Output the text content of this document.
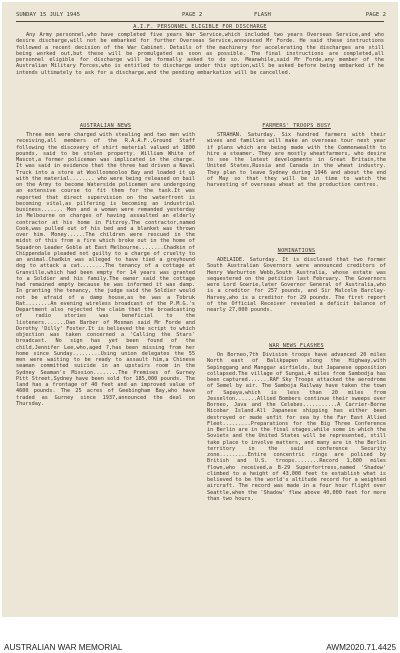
SUNDAY 15 JULY 1945	PAGE 2	FLASH	PAGE 2
A.I.F. PERSONNEL ELIGIBLE FOR DISCHARGE
Any Army personnel,who have completed five years War Service,which included two years Overseas Service,and who desire discharge,will not be embarked for further Overseas Service,announced Mr Forde. He said these instructions followed a recent decision of the War Cabinet. Details of the machinery for accelerating the discharges are still being worked out,but these will be promulgated as soon as possible. The final instructions are completed,all personnel eligible for discharge will be formally asked to do so. Meanwhile,said Mr Forde,any member of the Australian Military Forces,who is entitled to discharge under this option,will be asked before being embarked if he intends ultimately to ask for a discharge,and the pending embarkation will be cancelled.
AUSTRALIAN NEWS
Three men were charged with stealing and two men with receiving,all members of the R.A.A.F.,Ground Staff following the discovery of shirt material valued at 1800 pounds, said to be stolen property. William White of Mascot,a former policeman was implicated in the charge. It was said in evidence that the three had driven a Naval Truck into a store at Woolloomooloo Bay and loaded it up with the material........ who were being released on bail on the Army to become Waterside policemen are undergoing an extensive course to fit them for the task.It was reported that direct supervision on the waterfront is becoming vital,as pilfering is becoming an industrial business....... Men and a woman were remanded yesterday in Melbourne on charges of having assaulted an elderly contractor at his home in Fitzroy.The contractor,named Cook,was pulled out of his bed and a blanket was thrown over him. Money......The children were rescued in the midst of this from a fire which broke out in the home of Squadron Leader Goble at East Melbourne........Chadkin of Chippendale pleaded not guilty to a charge of cruelty to an animal.Chadkin was alleged to have tied a greyhound dog to attack a cat........The tenancy of a cottage at Granville,which had been empty for 14 years was granted to a Soldier and his family.The owner said the cottage had remained empty because he was informed it was damp. In granting the tenancy, the judge said the Soldier would not be afraid of a damp house,as he was a Tobruk Rat........An evening wireless broadcast of the P.M.G.'s Department also rejected the claim that the broadcasting of radio stories was beneficial to the listeners.......Dan Barber of Mosman said Mr Forde and Dorothy 'Dilly' Foster.It is believed the script to which objection was taken concerned a 'Calling the Stars' broadcast. No sign has yet been found of the child,Jennifer Lee,who,aged 7,has been missing from her home since Sunday.........Using union delegates the 55 men were waiting to be ready to assault him,a Chinese seaman committed suicide in an upstairs room in the Sydney Seaman's Mission........The Premises of Gurney Pitt Street,Sydney have been sold for 185,000 pounds. The land has a frontage of 40 feet and an improved value of 4600 pounds. The 25 acres of Geebingham Bay,who have traded as Gurney since 1937,announced the deal on Thursday.
FARMERS' TROOPS BUSY
STRAHAN. Saturday. Six hundred farmers with their wives and families will make an overseas tour next year if plans which are being made with the Commonwealth to hire a steamer. They are mostly wheatfarmers, who desire to see the latest developments in Great Britain,the United States,Russia and Canada in the wheat industry. They plan to leave Sydney during 1946 and about the end of May so that they will be in time to watch the harvesting of overseas wheat at the production centres.
NOMINATIONS
ADELAIDE. Saturday. It is disclosed that two former South Australian Governors were announced creditors of Henry Warburton Webb,South Australia, whose estate was sequestered on the petition last February. The Governors were Lord Gowrie,later Governor General of Australia,who is a creditor for 257 pounds, and Sir Malcolm Barclay-Harvey,who is a creditor for 29 pounds. The first report of the Official Receiver revealed a deficit balance of nearly 27,000 pounds.
WAR NEWS FLASHES
On Borneo,7th Division troops have advanced 20 miles North east of Balikpapen along the Highway,with Sepinggang and Manggar airfields, but Japanese opposition collapsed.The village of Sungai,4 miles from Sambodja has been captured.......RAF Sky Troops attacked the aerodrome of Semel by air. The Samboja Railway have taken the town of Sapaya,which is less than 20 miles from Jesselton.......Allied Bombers continue their sweeps over Borneo, Java and the Celebes...........A Carrier-Borne Nicobar Island.All Japanese shipping has either been destroyed or made unfit for sea by the Far East Allied Fleet.........Preparations for the Big Three Conference in Berlin are in the final stages,while some in which the Soviets and the United States will be represented, still take place to involve matters, and many are in the Berlin territory in the said conference Security zone.........Entire concentric rings are policed by British and U.S. troops........Record 1,600 miles flown,who received,a B-29 Superfortress,named 'Shadow' climbed to a height of 43,000 feet to establish what is believed to be the world's altitude record for a weighted aircraft. The record was made in a four hour flight over Seattle,when the 'Shadow' flew above 40,000 feet for more than two hours.
AUSTRALIAN WAR MEMORIAL	AWM2020.71.4425
